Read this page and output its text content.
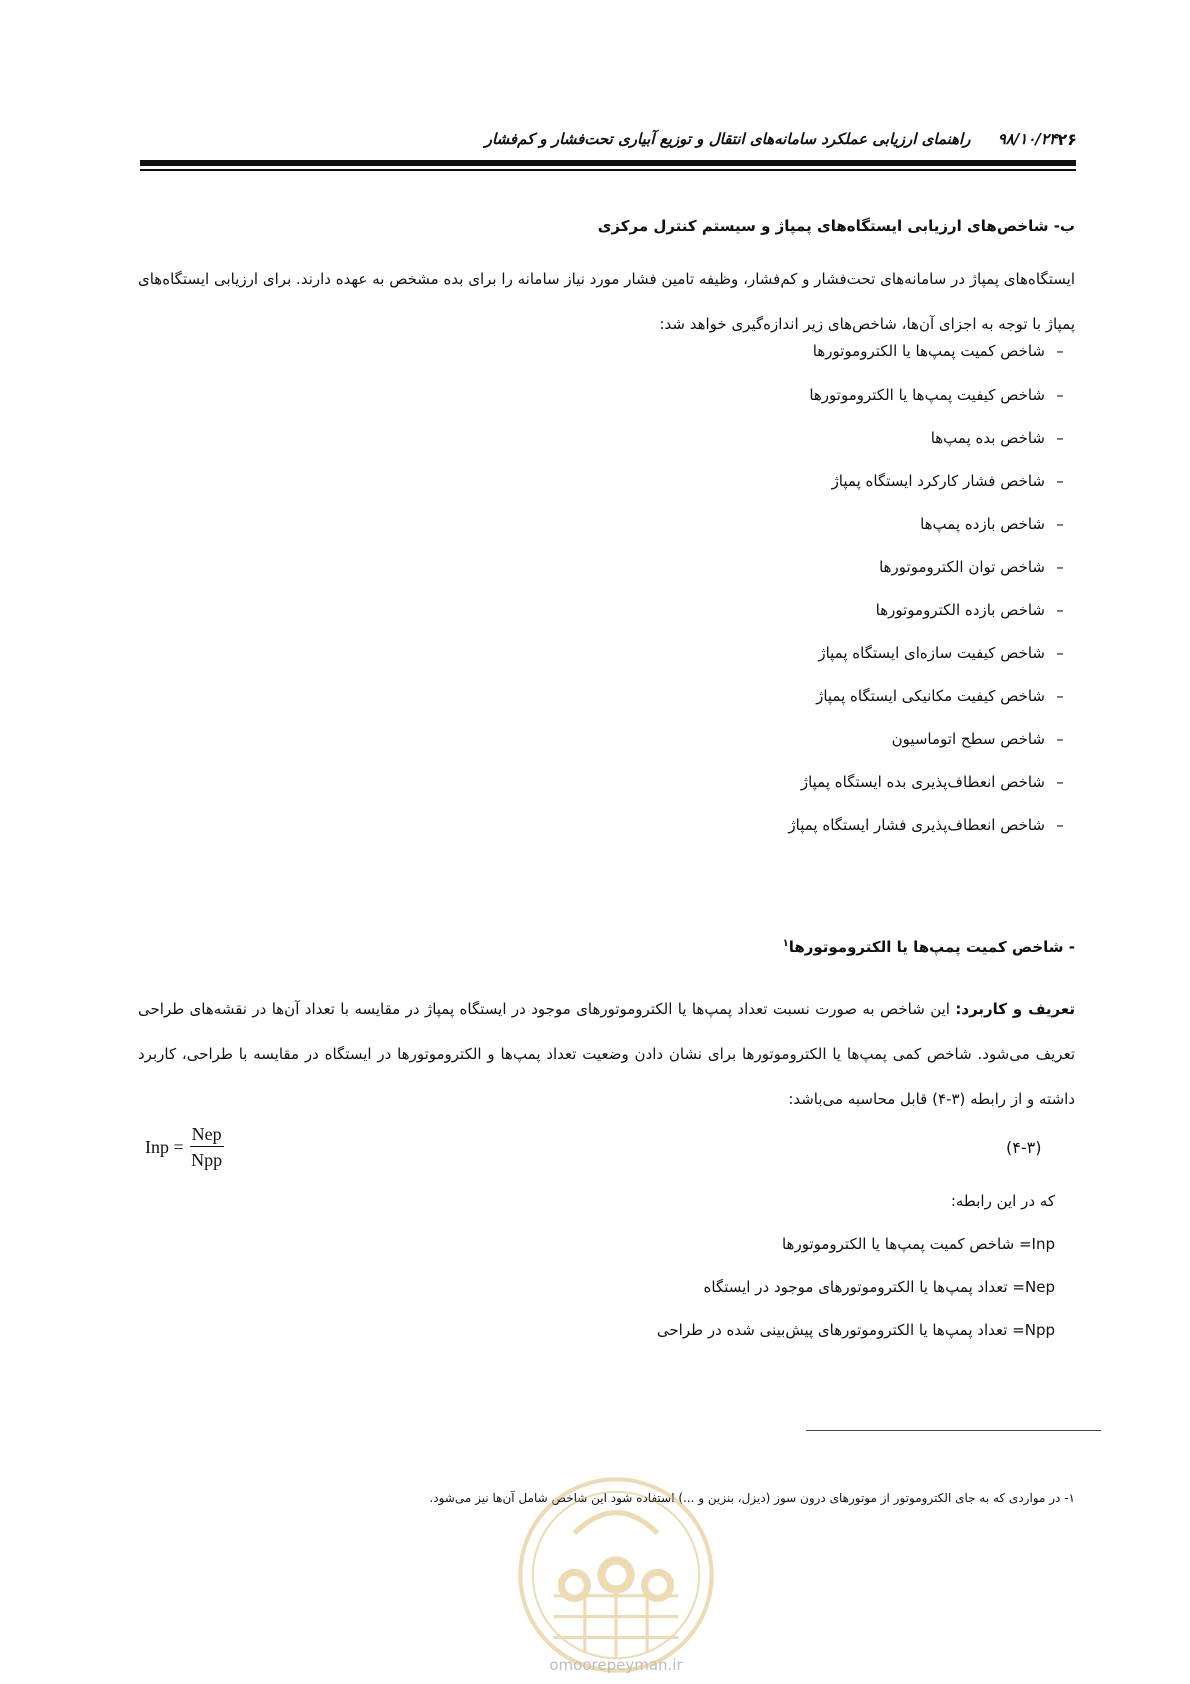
۹۸/۱۰/۲۴ راهنمای ارزیابی عملکرد سامانه‌های انتقال و توزیع آبیاری تحت‌فشار و کم‌فشار	۲۶
ب- شاخص‌های ارزیابی ایستگاه‌های پمپاژ و سیستم کنترل مرکزی
ایستگاه‌های پمپاژ در سامانه‌های تحت‌فشار و کم‌فشار، وظیفه تامین فشار مورد نیاز سامانه را برای بده مشخص به عهده دارند. برای ارزیابی ایستگاه‌های پمپاژ با توجه به اجزای آن‌ها، شاخص‌های زیر اندازه‌گیری خواهد شد:
–شاخص کمیت پمپ‌ها یا الکتروموتورها
–شاخص کیفیت پمپ‌ها یا الکتروموتورها
–شاخص بده پمپ‌ها
–شاخص فشار کارکرد ایستگاه پمپاژ
–شاخص بازده پمپ‌ها
–شاخص توان الکتروموتورها
–شاخص بازده الکتروموتورها
–شاخص کیفیت سازه‌ای ایستگاه پمپاژ
–شاخص کیفیت مکانیکی ایستگاه پمپاژ
–شاخص سطح اتوماسیون
–شاخص انعطاف‌پذیری بده ایستگاه پمپاژ
–شاخص انعطاف‌پذیری فشار ایستگاه پمپاژ
- شاخص کمیت پمپ‌ها یا الکتروموتورها$^۱$
تعریف و کاربرد: این شاخص به صورت نسبت تعداد پمپ‌ها یا الکتروموتورهای موجود در ایستگاه پمپاژ در مقایسه با تعداد آن‌ها در نقشه‌های طراحی تعریف می‌شود. شاخص کمی پمپ‌ها یا الکتروموتورها برای نشان دادن وضعیت تعداد پمپ‌ها و الکتروموتورها در ایستگاه در مقایسه با طراحی، کاربرد داشته و از رابطه (۳-۴) قابل محاسبه می‌باشد:
Inp = $\frac{\text{Nep}}{\text{Npp}}$	(۴-۳)
که در این رابطه:
Inp= شاخص کمیت پمپ‌ها یا الکتروموتورها
Nep= تعداد پمپ‌ها یا الکتروموتورهای موجود در ایستگاه
Npp= تعداد پمپ‌ها یا الکتروموتورهای پیش‌بینی شده در طراحی
۱- در مواردی که به جای الکتروموتور از موتورهای درون سوز (دیزل، بنزین و ...) استفاده شود این شاخص شامل آن‌ها نیز می‌شود.
omoorepeyman.ir
